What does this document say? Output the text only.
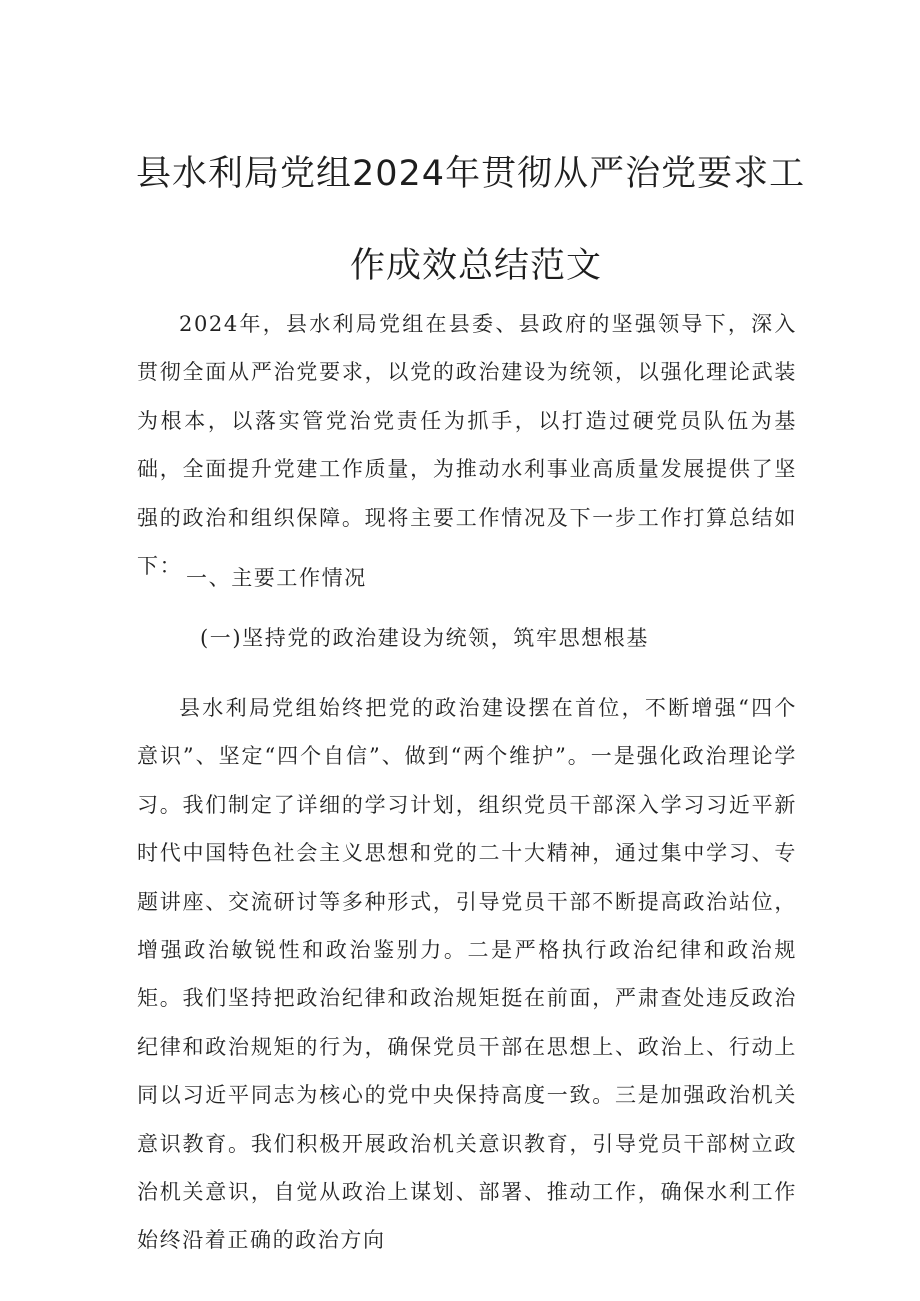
县水利局党组2024年贯彻从严治党要求工
作成效总结范文

2024年，县水利局党组在县委、县政府的坚强领导下，深入贯彻全面从严治党要求，以党的政治建设为统领，以强化理论武装为根本，以落实管党治党责任为抓手，以打造过硬党员队伍为基础，全面提升党建工作质量，为推动水利事业高质量发展提供了坚强的政治和组织保障。现将主要工作情况及下一步工作打算总结如下： 一、主要工作情况
(一)坚持党的政治建设为统领，筑牢思想根基

县水利局党组始终把党的政治建设摆在首位，不断增强“四个意识”、坚定“四个自信”、做到“两个维护”。一是强化政治理论学习。我们制定了详细的学习计划，组织党员干部深入学习习近平新时代中国特色社会主义思想和党的二十大精神，通过集中学习、专题讲座、交流研讨等多种形式，引导党员干部不断提高政治站位，增强政治敏锐性和政治鉴别力。二是严格执行政治纪律和政治规矩。我们坚持把政治纪律和政治规矩挺在前面，严肃查处违反政治纪律和政治规矩的行为，确保党员干部在思想上、政治上、行动上同以习近平同志为核心的党中央保持高度一致。三是加强政治机关意识教育。我们积极开展政治机关意识教育，引导党员干部树立政治机关意识，自觉从政治上谋划、部署、推动工作，确保水利工作始终沿着正确的政治方向
